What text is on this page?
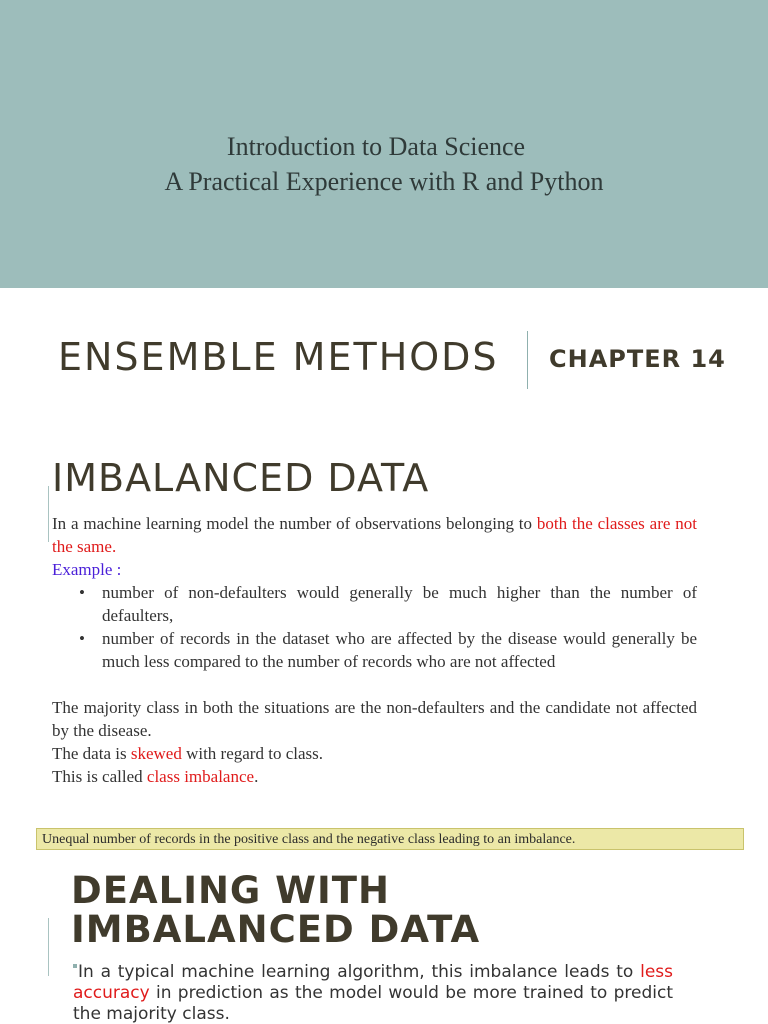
Introduction to Data Science
A Practical Experience with R and Python
ENSEMBLE METHODS CHAPTER 14
IMBALANCED DATA

In a machine learning model the number of observations belonging to both the classes are not the same.

Example :

• number of non-defaulters would generally be much higher than the number of defaulters,
• number of records in the dataset who are affected by the disease would generally be much less compared to the number of records who are not affected

The majority class in both the situations are the non-defaulters and the candidate not affected by the disease.

The data is skewed with regard to class.

This is called class imbalance.

Unequal number of records in the positive class and the negative class leading to an imbalance.
DEALING WITH
IMBALANCED DATA
In a typical machine learning algorithm, this imbalance leads to less accuracy in prediction as the model would be more trained to predict the majority class.
